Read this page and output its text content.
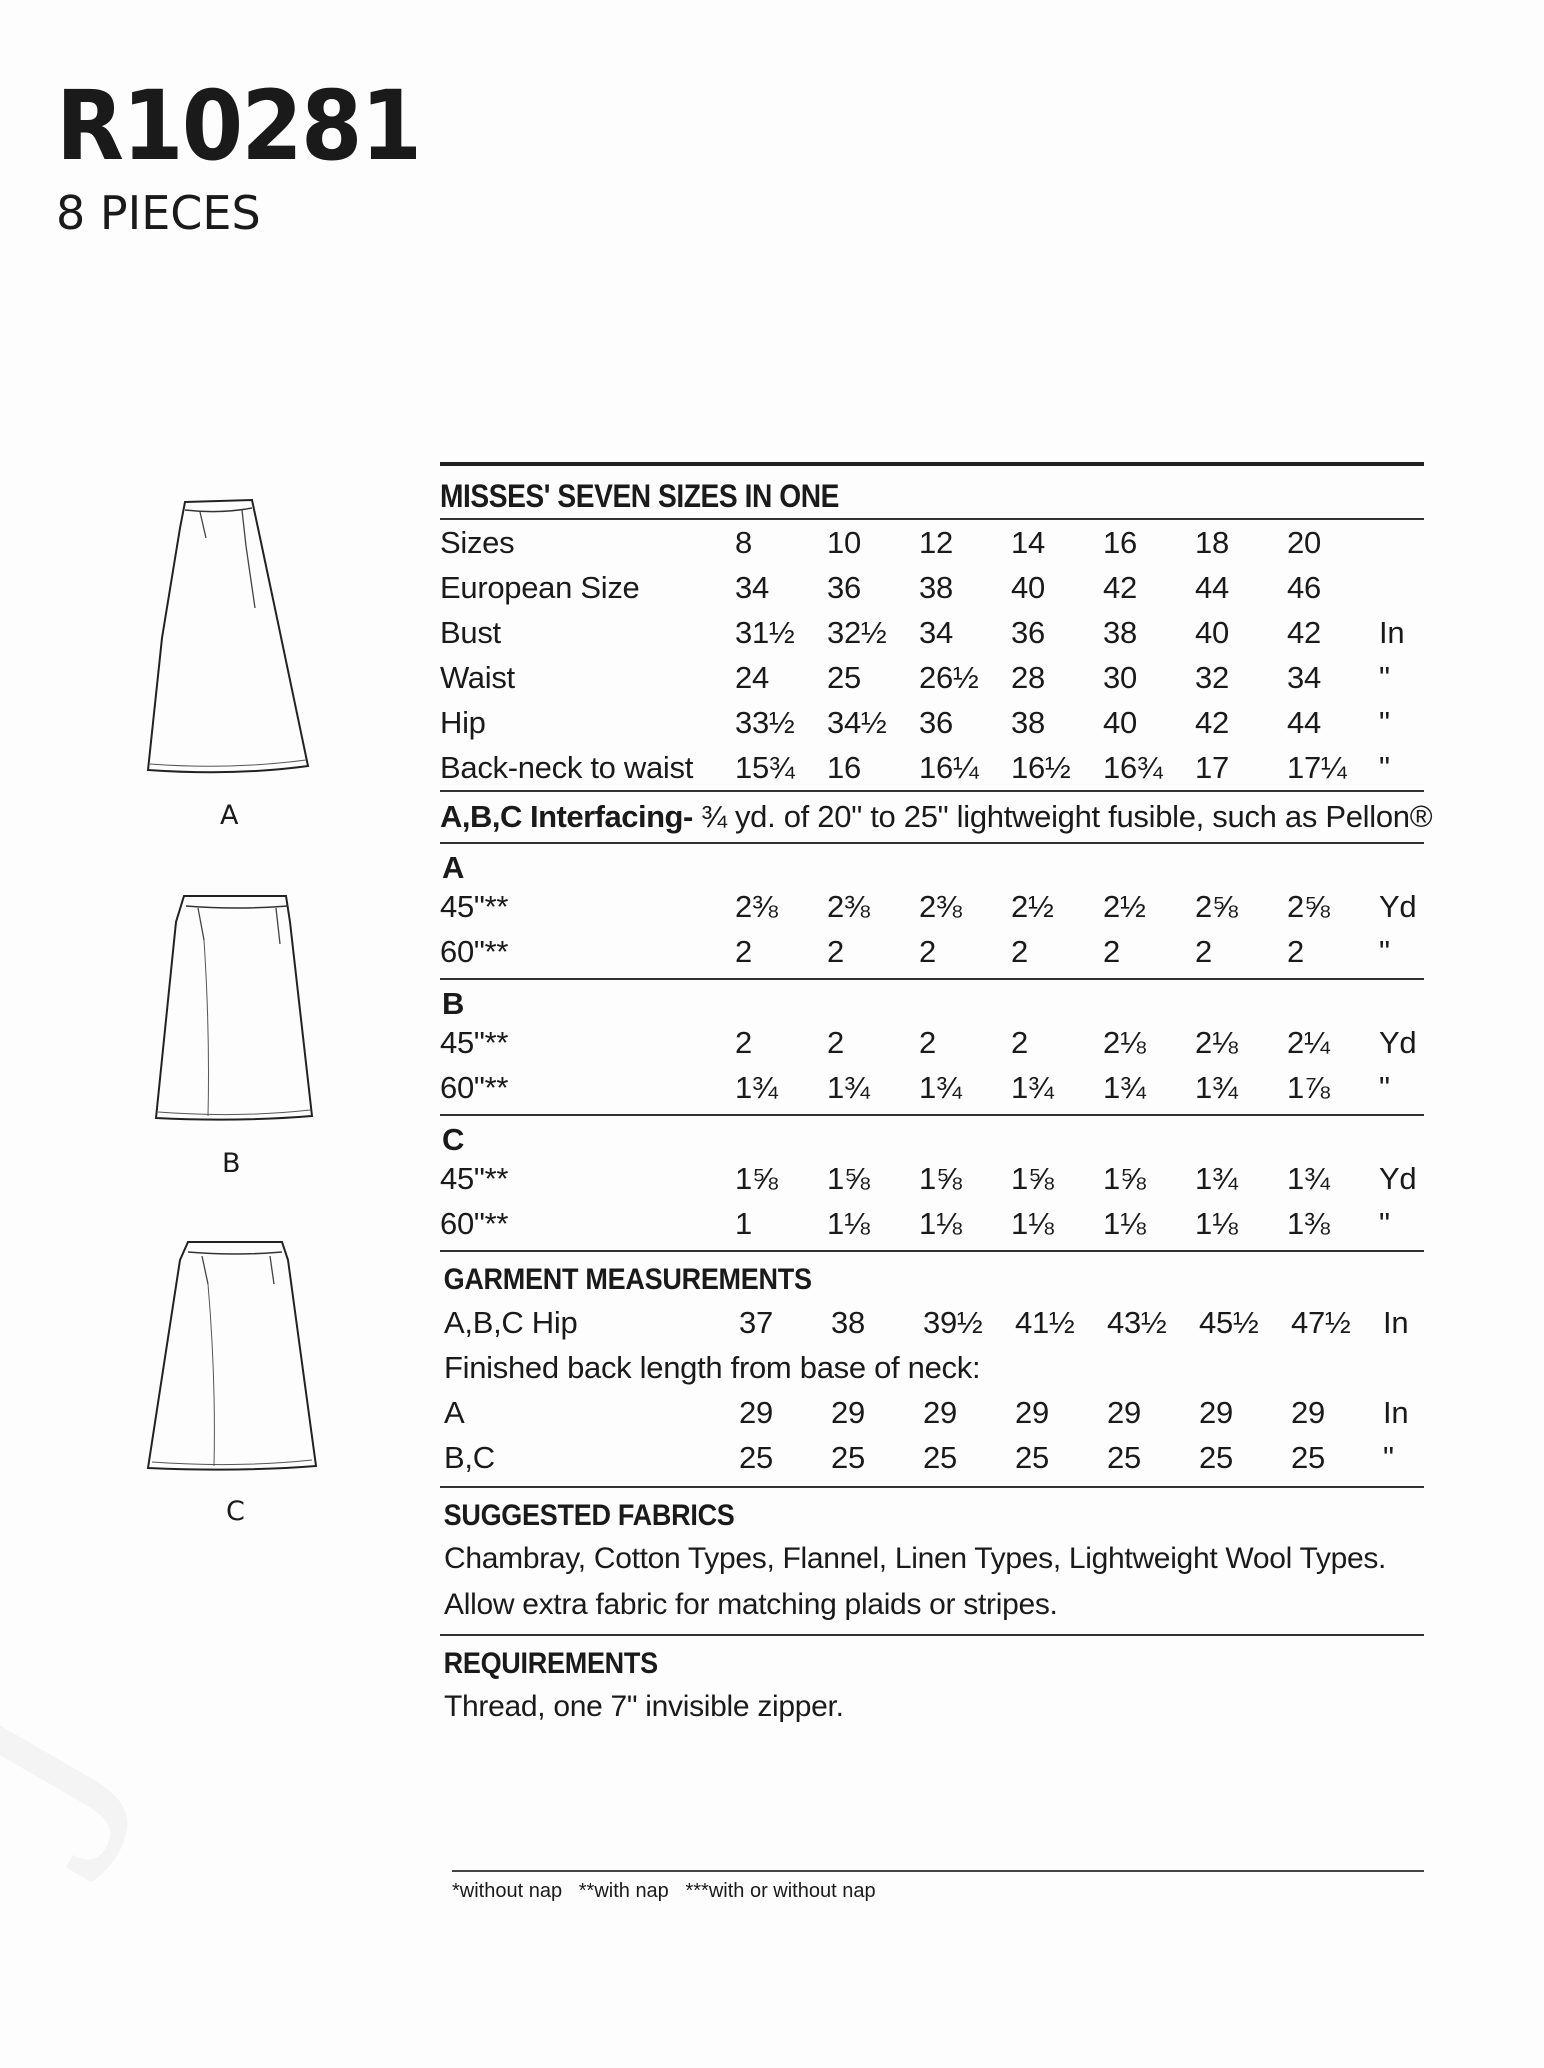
R10281
8 PIECES
A
B
C
MISSES' SEVEN SIZES IN ONE
Sizes	8	10	12	14	16	18	20
European Size	34	36	38	40	42	44	46
Bust	31½	32½	34	36	38	40	42	In
Waist	24	25	26½	28	30	32	34	"
Hip	33½	34½	36	38	40	42	44	"
Back-neck to waist	15¾	16	16¼	16½	16¾	17	17¼	"
A,B,C Interfacing- ¾ yd. of 20" to 25" lightweight fusible, such as Pellon®
A
45"**	2⅜	2⅜	2⅜	2½	2½	2⅝	2⅝	Yd
60"**	2	2	2	2	2	2	2	"
B
45"**	2	2	2	2	2⅛	2⅛	2¼	Yd
60"**	1¾	1¾	1¾	1¾	1¾	1¾	1⅞	"
C
45"**	1⅝	1⅝	1⅝	1⅝	1⅝	1¾	1¾	Yd
60"**	1	1⅛	1⅛	1⅛	1⅛	1⅛	1⅜	"
GARMENT MEASUREMENTS
A,B,C Hip	37	38	39½	41½	43½	45½	47½	In
Finished back length from base of neck:
A	29	29	29	29	29	29	29	In
B,C	25	25	25	25	25	25	25	"
SUGGESTED FABRICS
Chambray, Cotton Types, Flannel, Linen Types, Lightweight Wool Types. Allow extra fabric for matching plaids or stripes.
REQUIREMENTS
Thread, one 7" invisible zipper.
*without nap   **with nap   ***with or without nap
